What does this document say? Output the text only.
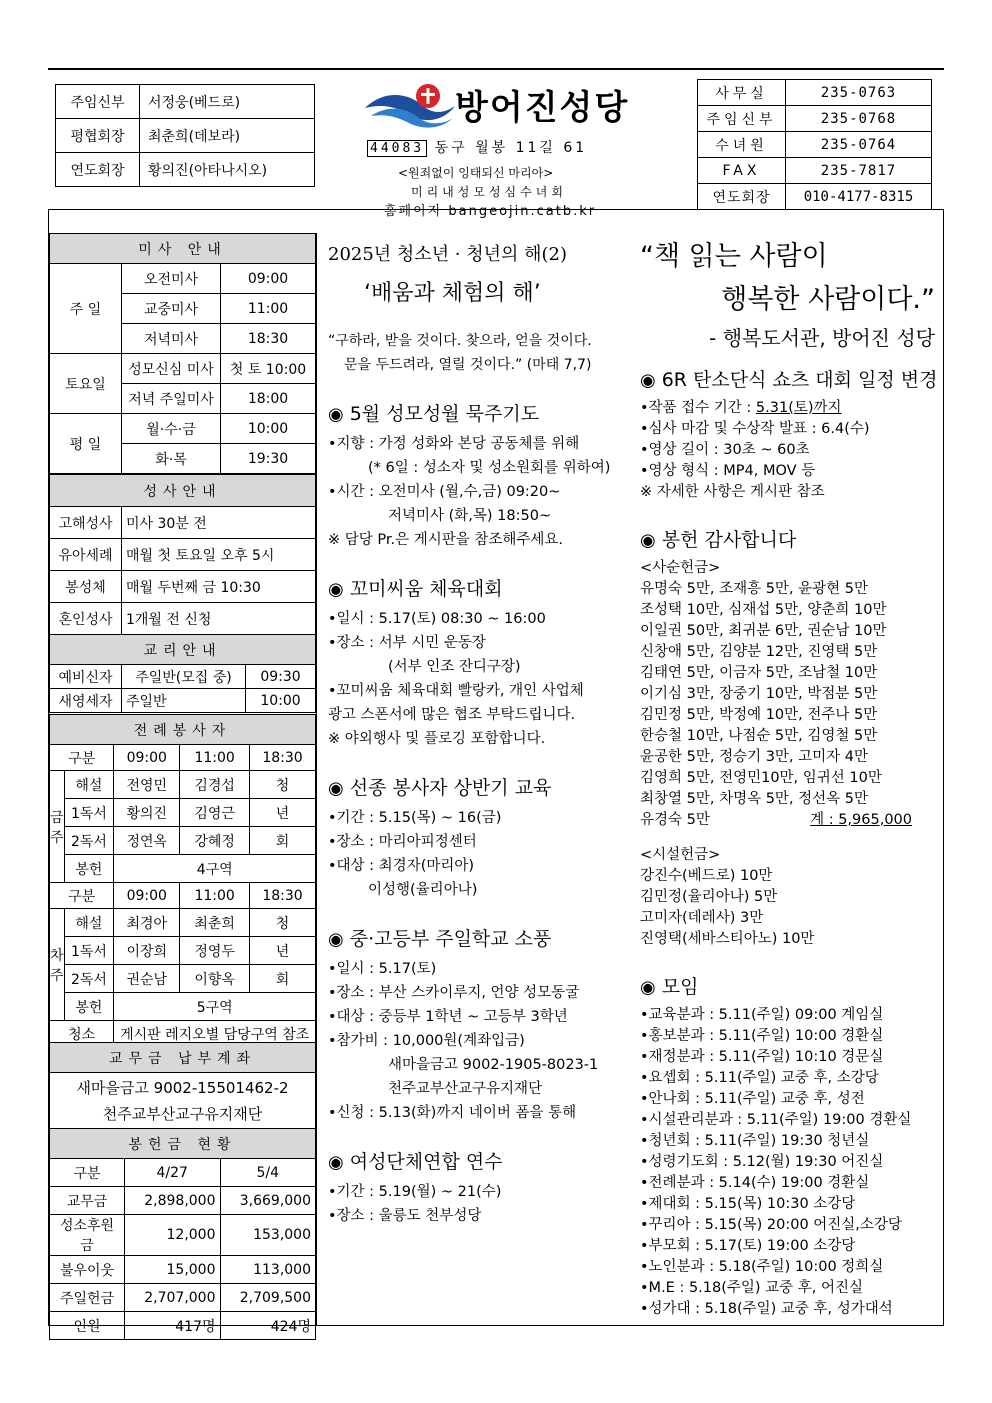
주임신부	서정웅(베드로)
평협회장	최춘희(데보라)
연도회장	황의진(아타나시오)
방어진성당
44083 동구 월봉 11길 61
<원죄없이 잉태되신 마리아>
미리내성모성심수녀회
홈페이지 bangeojin.catb.kr
사무실	235-0763
주임신부	235-0768
수녀원	235-0764
FAX	235-7817
연도회장	010-4177-8315
미사 안내		
주 일	오전미사	09:00
	교중미사	11:00
	저녁미사	18:30
토요일	성모신심 미사	첫 토 10:00
	저녁 주일미사	18:00
평 일	월·수·금	10:00
	화·목	19:30
성사안내	
고해성사	미사 30분 전
유아세례	매월 첫 토요일 오후 5시
봉성체	매월 두번째 금 10:30
혼인성사	1개월 전 신청
교리안내		
예비신자	주일반(모집 중)	09:30
새영세자	주일반	10:00
전례봉사자				
구분		09:00	11:00	18:30
금주	해설	전영민	김경섭	청
	1독서	황의진	김영근	년
	2독서	정연옥	강혜정	회
	봉헌	4구역		
구분		09:00	11:00	18:30
차주	해설	최경아	최춘희	청
	1독서	이장희	정영두	년
	2독서	권순남	이향옥	회
	봉헌	5구역		
청소		게시판 레지오별 담당구역 참조		
교무금 납부계좌

새마을금고 9002-15501462-2
천주교부산교구유지재단
봉헌금 현황		
구분	4/27	5/4
교무금	2,898,000	3,669,000
성소후원금	12,000	153,000
불우이웃	15,000	113,000
주일헌금	2,707,000	2,709,500
인원	417명	424명
2025년 청소년 · 청년의 해(2)
‘배움과 체험의 해’
“구하라, 받을 것이다. 찾으라, 얻을 것이다.
문을 두드려라, 열릴 것이다.” (마태 7,7)
◉ 5월 성모성월 묵주기도
•지향 : 가정 성화와 본당 공동체를 위해
(* 6일 : 성소자 및 성소원회를 위하여)
•시간 : 오전미사 (월,수,금) 09:20~
저녁미사 (화,목) 18:50~
※ 담당 Pr.은 게시판을 참조해주세요.
◉ 꼬미씨움 체육대회
•일시 : 5.17(토) 08:30 ~ 16:00
•장소 : 서부 시민 운동장
(서부 인조 잔디구장)
•꼬미씨움 체육대회 빨랑카, 개인 사업체
광고 스폰서에 많은 협조 부탁드립니다.
※ 야외행사 및 플로깅 포함합니다.
◉ 선종 봉사자 상반기 교육
•기간 : 5.15(목) ~ 16(금)
•장소 : 마리아피정센터
•대상 : 최경자(마리아)
이성행(율리아나)
◉ 중·고등부 주일학교 소풍
•일시 : 5.17(토)
•장소 : 부산 스카이루지, 언양 성모동굴
•대상 : 중등부 1학년 ~ 고등부 3학년
•참가비 : 10,000원(계좌입금)
새마을금고 9002-1905-8023-1
천주교부산교구유지재단
•신청 : 5.13(화)까지 네이버 폼을 통해
◉ 여성단체연합 연수
•기간 : 5.19(월) ~ 21(수)
•장소 : 울릉도 천부성당
“책 읽는 사람이
행복한 사람이다.”
- 행복도서관, 방어진 성당
◉ 6R 탄소단식 쇼츠 대회 일정 변경
•작품 접수 기간 : 5.31(토)까지
•심사 마감 및 수상작 발표 : 6.4(수)
•영상 길이 : 30초 ~ 60초
•영상 형식 : MP4, MOV 등
※ 자세한 사항은 게시판 참조
◉ 봉헌 감사합니다
<사순헌금>
유명숙 5만, 조재흥 5만, 윤광현 5만
조성택 10만, 심재섭 5만, 양춘희 10만
이일권 50만, 최귀분 6만, 권순남 10만
신창애 5만, 김양분 12만, 진영택 5만
김태연 5만, 이금자 5만, 조남철 10만
이기심 3만, 장중기 10만, 박점분 5만
김민정 5만, 박정예 10만, 전주나 5만
한승철 10만, 나점순 5만, 김영철 5만
윤공한 5만, 정승기 3만, 고미자 4만
김영희 5만, 전영민10만, 임귀선 10만
최창열 5만, 차명옥 5만, 정선옥 5만
유경숙 5만	계 : 5,965,000
<시설헌금>
강진수(베드로) 10만
김민정(율리아나) 5만
고미자(데레사) 3만
진영택(세바스티아노) 10만
◉ 모임
•교육분과 : 5.11(주일) 09:00 계임실
•홍보분과 : 5.11(주일) 10:00 경환실
•재정분과 : 5.11(주일) 10:10 경문실
•요셉회 : 5.11(주일) 교중 후, 소강당
•안나회 : 5.11(주일) 교중 후, 성전
•시설관리분과 : 5.11(주일) 19:00 경환실
•청년회 : 5.11(주일) 19:30 청년실
•성령기도회 : 5.12(월) 19:30 어진실
•전례분과 : 5.14(수) 19:00 경환실
•제대회 : 5.15(목) 10:30 소강당
•꾸리아 : 5.15(목) 20:00 어진실,소강당
•부모회 : 5.17(토) 19:00 소강당
•노인분과 : 5.18(주일) 10:00 정희실
•M.E : 5.18(주일) 교중 후, 어진실
•성가대 : 5.18(주일) 교중 후, 성가대석
